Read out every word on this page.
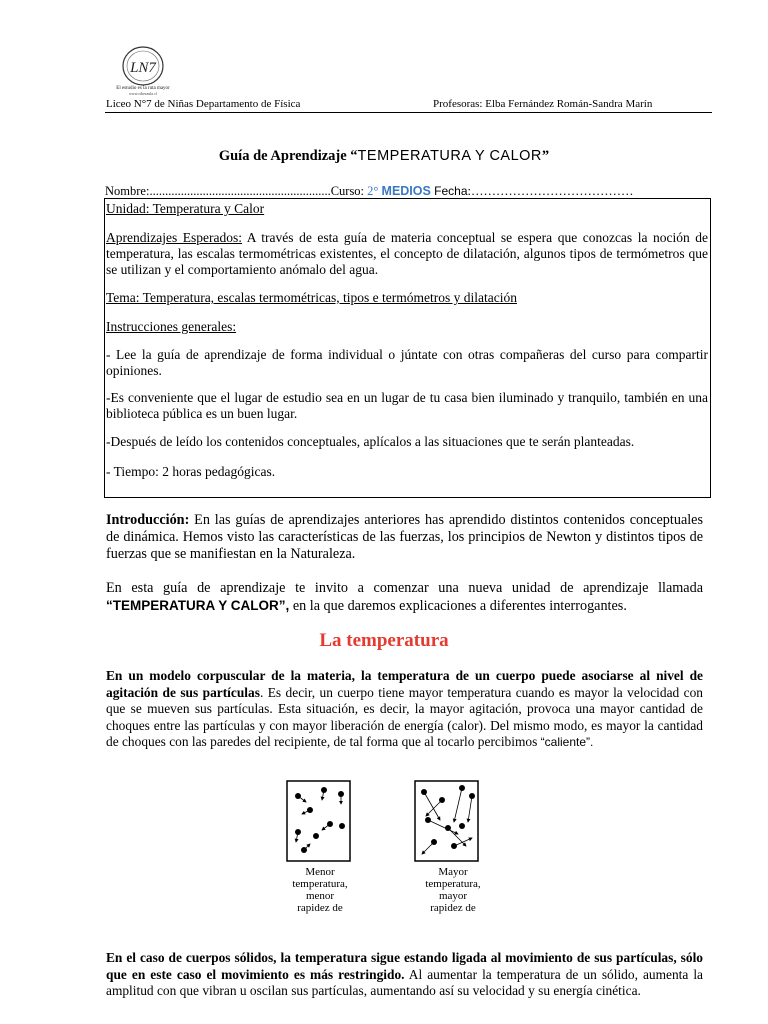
LN7
El estudio es la ruta mayor
www.ciberaula.cl
Liceo N°7 de Niñas Departamento de Física	Profesoras: Elba Fernández Román-Sandra Marín
Guía de Aprendizaje “TEMPERATURA Y CALOR”
Nombre:..........................................................Curso: 2° MEDIOS Fecha:…………………………………

Unidad: Temperatura y Calor

Aprendizajes Esperados: A través de esta guía de materia conceptual se espera que conozcas la noción de temperatura, las escalas termométricas existentes, el concepto de dilatación, algunos tipos de termómetros que se utilizan y el comportamiento anómalo del agua.

Tema: Temperatura, escalas termométricas, tipos e termómetros y dilatación

Instrucciones generales:

- Lee la guía de aprendizaje de forma individual o júntate con otras compañeras del curso para compartir opiniones.

-Es conveniente que el lugar de estudio sea en un lugar de tu casa bien iluminado y tranquilo, también en una biblioteca pública es un buen lugar.

-Después de leído los contenidos conceptuales, aplícalos a las situaciones que te serán planteadas.

- Tiempo: 2 horas pedagógicas.

Introducción: En las guías de aprendizajes anteriores has aprendido distintos contenidos conceptuales de dinámica. Hemos visto las características de las fuerzas, los principios de Newton y distintos tipos de fuerzas que se manifiestan en la Naturaleza.

En esta guía de aprendizaje te invito a comenzar una nueva unidad de aprendizaje llamada “TEMPERATURA Y CALOR”, en la que daremos explicaciones a diferentes interrogantes.

La temperatura

En un modelo corpuscular de la materia, la temperatura de un cuerpo puede asociarse al nivel de agitación de sus partículas. Es decir, un cuerpo tiene mayor temperatura cuando es mayor la velocidad con que se mueven sus partículas. Esta situación, es decir, la mayor agitación, provoca una mayor cantidad de choques entre las partículas y con mayor liberación de energía (calor). Del mismo modo, es mayor la cantidad de choques con las paredes del recipiente, de tal forma que al tocarlo percibimos “caliente”.

Menor
temperatura,
menor
rapidez de
Mayor
temperatura,
mayor
rapidez de

En el caso de cuerpos sólidos, la temperatura sigue estando ligada al movimiento de sus partículas, sólo que en este caso el movimiento es más restringido. Al aumentar la temperatura de un sólido, aumenta la amplitud con que vibran u oscilan sus partículas, aumentando así su velocidad y su energía cinética.
